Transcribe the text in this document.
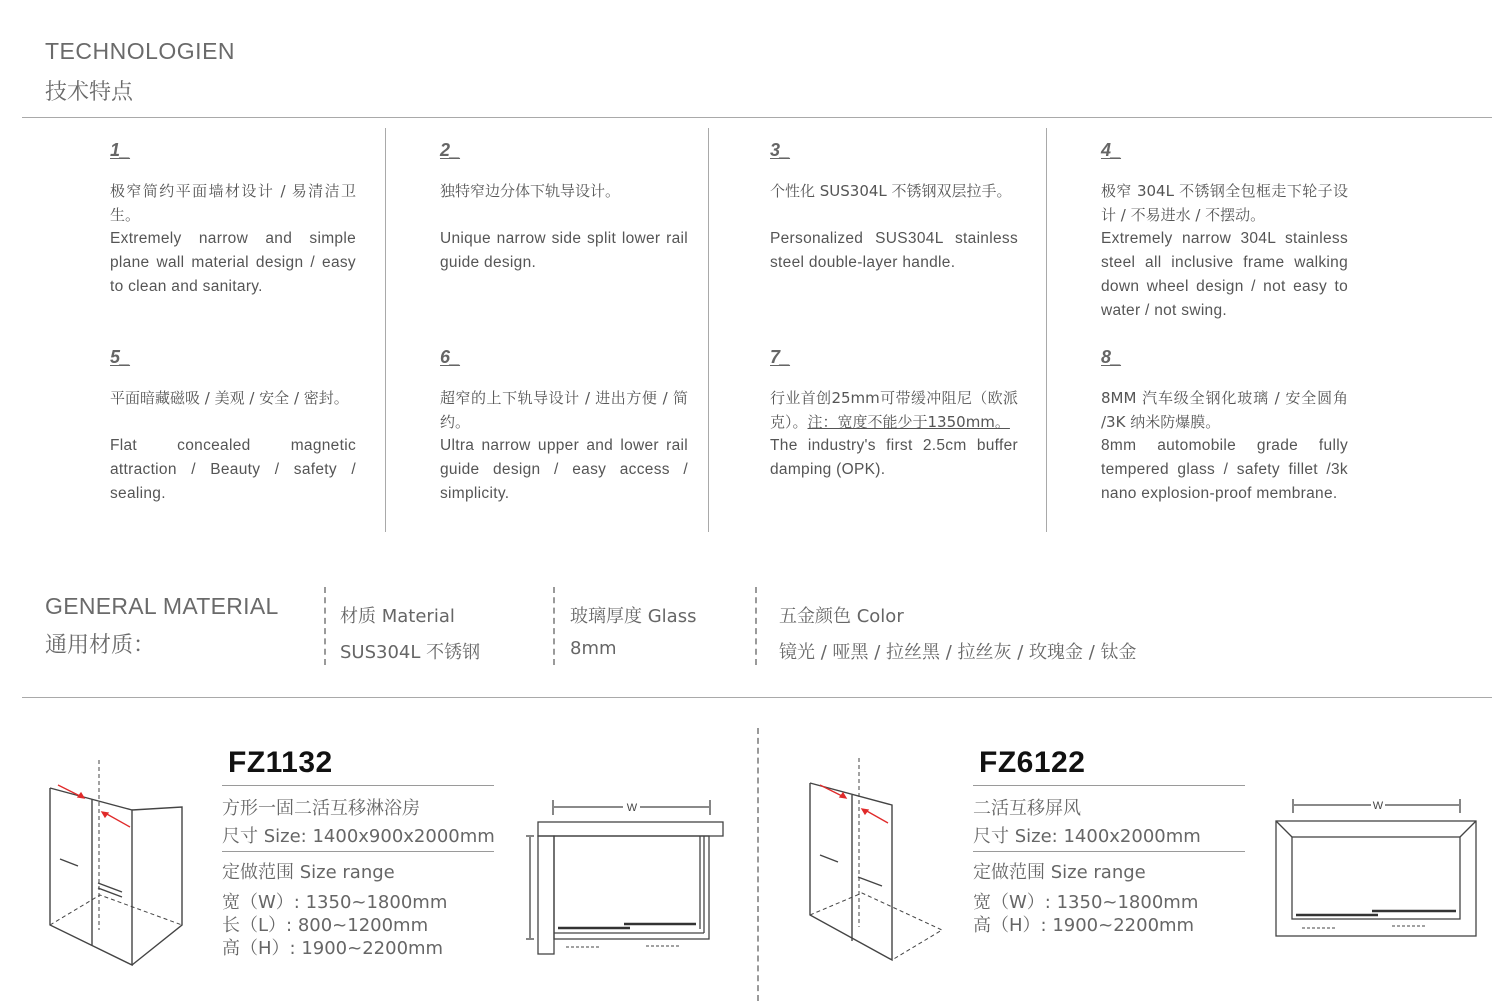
TECHNOLOGIEN
技术特点
1_
极窄简约平面墙材设计 / 易清洁卫生。
Extremely narrow and simple plane wall material design / easy to clean and sanitary.
2_
独特窄边分体下轨导设计。
Unique narrow side split lower rail guide design.
3_
个性化 SUS304L 不锈钢双层拉手。
Personalized SUS304L stainless steel double-layer handle.
4_
极窄 304L 不锈钢全包框走下轮子设计 / 不易进水 / 不摆动。
Extremely narrow 304L stainless steel all inclusive frame walking down wheel design / not easy to water / not swing.
5_
平面暗藏磁吸 / 美观 / 安全 / 密封。
Flat concealed magnetic attraction / Beauty / safety / sealing.
6_
超窄的上下轨导设计 / 进出方便 / 简约。
Ultra narrow upper and lower rail guide design / easy access / simplicity.
7_
行业首创25mm可带缓冲阻尼（欧派克）。注：宽度不能少于1350mm。
The industry's first 2.5cm buffer damping (OPK).
8_
8MM 汽车级全钢化玻璃 / 安全圆角 /3K 纳米防爆膜。
8mm automobile grade fully tempered glass / safety fillet /3k nano explosion-proof membrane.
GENERAL MATERIAL
通用材质：
材质 Material
SUS304L 不锈钢
玻璃厚度 Glass
8mm
五金颜色 Color
镜光 / 哑黑 / 拉丝黑 / 拉丝灰 / 玫瑰金 / 钛金
FZ1132
方形一固二活互移淋浴房
尺寸 Size: 1400x900x2000mm
定做范围 Size range
宽（W）: 1350~1800mm
长（L）: 800~1200mm
高（H）: 1900~2200mm
W
FZ6122
二活互移屏风
尺寸 Size: 1400x2000mm
定做范围 Size range
宽（W）: 1350~1800mm
高（H）: 1900~2200mm
W
